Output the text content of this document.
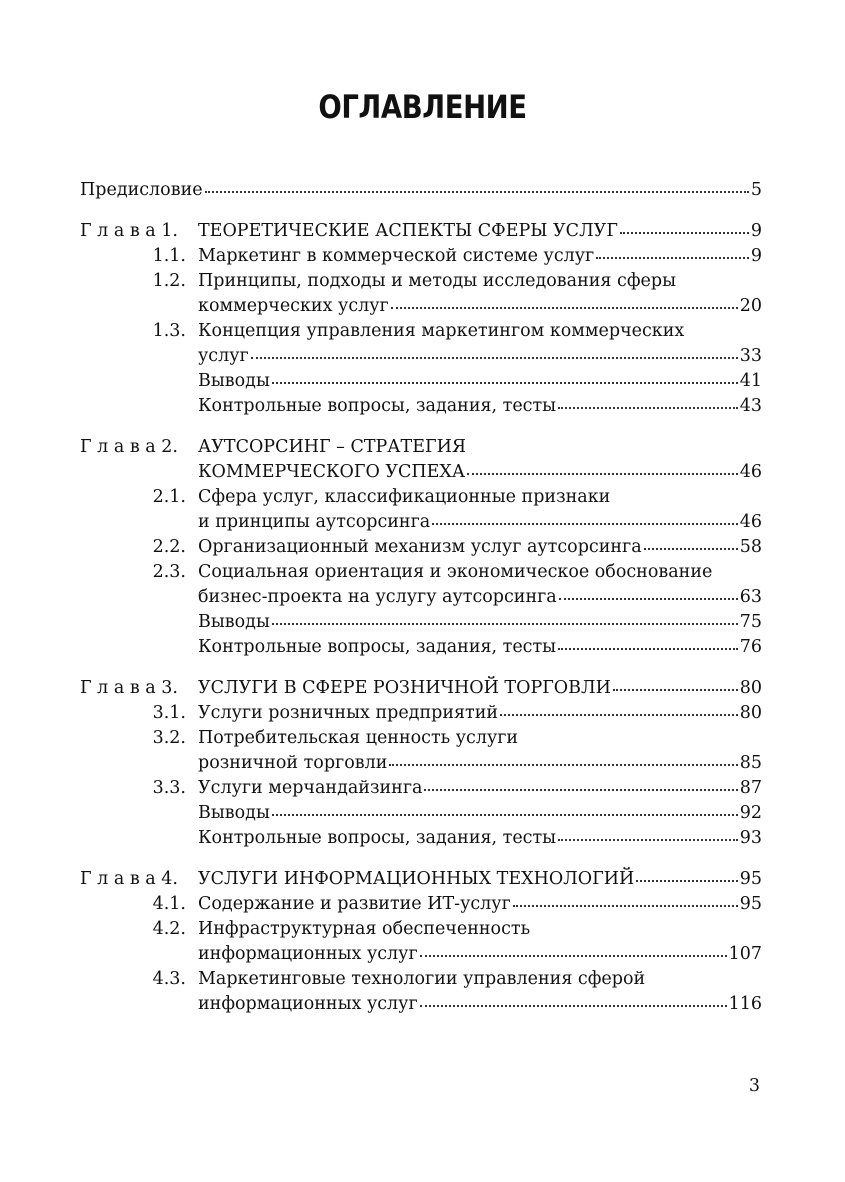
ОГЛАВЛЕНИЕ
Предисловие	5
Г л а в а 1.	ТЕОРЕТИЧЕСКИЕ АСПЕКТЫ СФЕРЫ УСЛУГ	9
1.1. Маркетинг в коммерческой системе услуг	9
1.2. Принципы, подходы и методы исследования сферы
коммерческих услуг	20
1.3. Концепция управления маркетингом коммерческих
услуг	33
Выводы	41
Контрольные вопросы, задания, тесты	43
Г л а в а 2.	АУТСОРСИНГ – СТРАТЕГИЯ
КОММЕРЧЕСКОГО УСПЕХА	46
2.1. Сфера услуг, классификационные признаки
и принципы аутсорсинга	46
2.2. Организационный механизм услуг аутсорсинга	58
2.3. Социальная ориентация и экономическое обоснование
бизнес-проекта на услугу аутсорсинга	63
Выводы	75
Контрольные вопросы, задания, тесты	76
Г л а в а 3.	УСЛУГИ В СФЕРЕ РОЗНИЧНОЙ ТОРГОВЛИ	80
3.1. Услуги розничных предприятий	80
3.2. Потребительская ценность услуги
розничной торговли	85
3.3. Услуги мерчандайзинга	87
Выводы	92
Контрольные вопросы, задания, тесты	93
Г л а в а 4.	УСЛУГИ ИНФОРМАЦИОННЫХ ТЕХНОЛОГИЙ	95
4.1. Содержание и развитие ИТ-услуг	95
4.2. Инфраструктурная обеспеченность
информационных услуг	107
4.3. Маркетинговые технологии управления сферой
информационных услуг	116
3
